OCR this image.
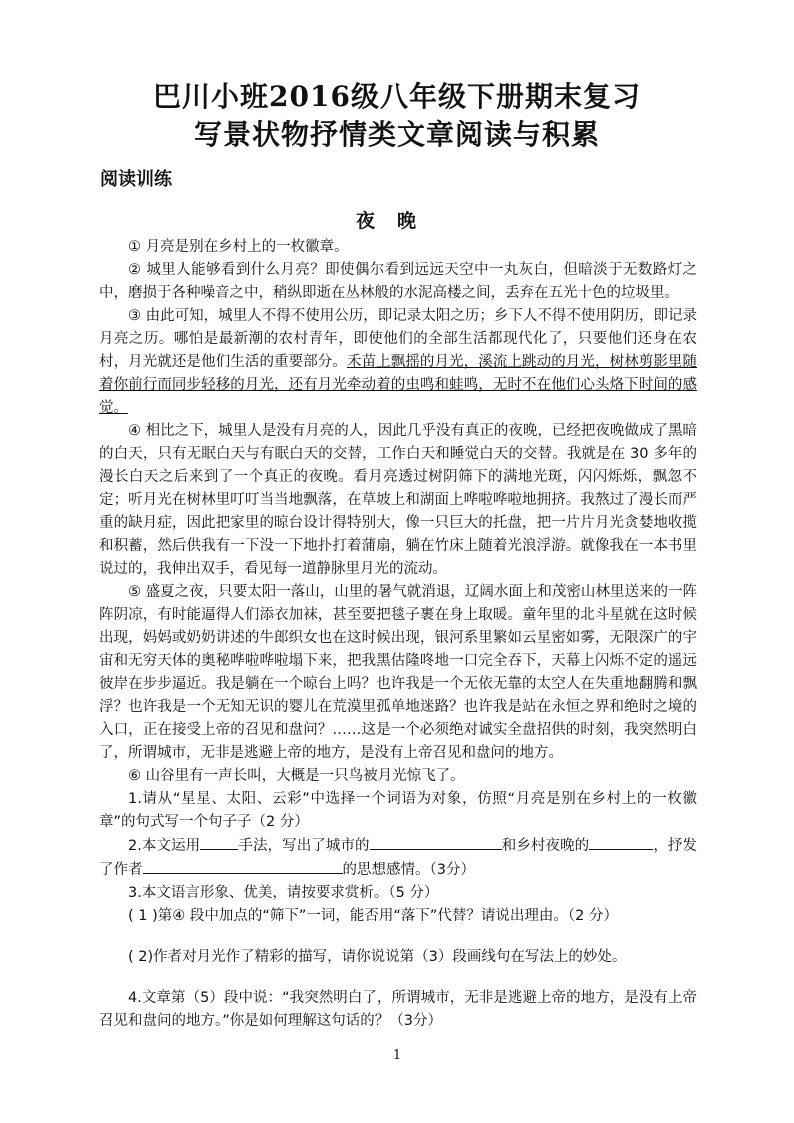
巴川小班2016级八年级下册期末复习
写景状物抒情类文章阅读与积累
阅读训练
夜晚

① 月亮是别在乡村上的一枚徽章。

② 城里人能够看到什么月亮？即使偶尔看到远远天空中一丸灰白，但暗淡于无数路灯之中，磨损于各种噪音之中，稍纵即逝在丛林般的水泥高楼之间，丢弃在五光十色的垃圾里。

③ 由此可知，城里人不得不使用公历，即记录太阳之历；乡下人不得不使用阴历，即记录月亮之历。哪怕是最新潮的农村青年，即使他们的全部生活都现代化了，只要他们还身在农村，月光就还是他们生活的重要部分。禾苗上飘摇的月光，溪流上跳动的月光，树林剪影里随着你前行而同步轻移的月光，还有月光牵动着的虫鸣和蛙鸣，无时不在他们心头烙下时间的感觉。

④ 相比之下，城里人是没有月亮的人，因此几乎没有真正的夜晚，已经把夜晚做成了黑暗的白天，只有无眠白天与有眠白天的交替，工作白天和睡觉白天的交替。我就是在 30 多年的漫长白天之后来到了一个真正的夜晚。看月亮透过树阴筛下的满地光斑，闪闪烁烁，飘忽不定；听月光在树林里叮叮当当地飘落，在草坡上和湖面上哗啦哗啦地拥挤。我熬过了漫长而严重的缺月症，因此把家里的晾台设计得特别大，像一只巨大的托盘，把一片片月光贪婪地收揽和积蓄，然后供我有一下没一下地扑打着蒲扇，躺在竹床上随着光浪浮游。就像我在一本书里说过的，我伸出双手，看见每一道静脉里月光的流动。

⑤ 盛夏之夜，只要太阳一落山，山里的暑气就消退，辽阔水面上和茂密山林里送来的一阵阵阴凉，有时能逼得人们添衣加袜，甚至要把毯子裹在身上取暖。童年里的北斗星就在这时候出现，妈妈或奶奶讲述的牛郎织女也在这时候出现，银河系里繁如云星密如雾，无限深广的宇宙和无穷天体的奥秘哗啦哗啦塌下来，把我黑估隆咚地一口完全吞下，天幕上闪烁不定的遥远彼岸在步步逼近。我是躺在一个晾台上吗？也许我是一个无依无靠的太空人在失重地翻腾和飘浮？也许我是一个无知无识的婴儿在荒漠里孤单地迷路？也许我是站在永恒之界和绝时之境的入口，正在接受上帝的召见和盘问？……这是一个必须绝对诚实全盘招供的时刻，我突然明白了，所谓城市，无非是逃避上帝的地方，是没有上帝召见和盘问的地方。

⑥ 山谷里有一声长叫，大概是一只鸟被月光惊飞了。

1.请从“星星、太阳、云彩”中选择一个词语为对象，仿照“月亮是别在乡村上的一枚徽章”的句式写一个句子子（2 分）

2.本文运用	手法，写出了城市的	和乡村夜晚的	，抒发了作者	的思想感情。（3分）

3.本文语言形象、优美，请按要求赏析。（5 分）

( 1 )第④ 段中加点的“筛下”一词，能否用“落下”代替？请说出理由。（2 分）

( 2)作者对月光作了精彩的描写，请你说说第（3）段画线句在写法上的妙处。

4.文章第（5）段中说：“我突然明白了，所谓城市，无非是逃避上帝的地方，是没有上帝召见和盘问的地方。”你是如何理解这句话的？（3分）

1
